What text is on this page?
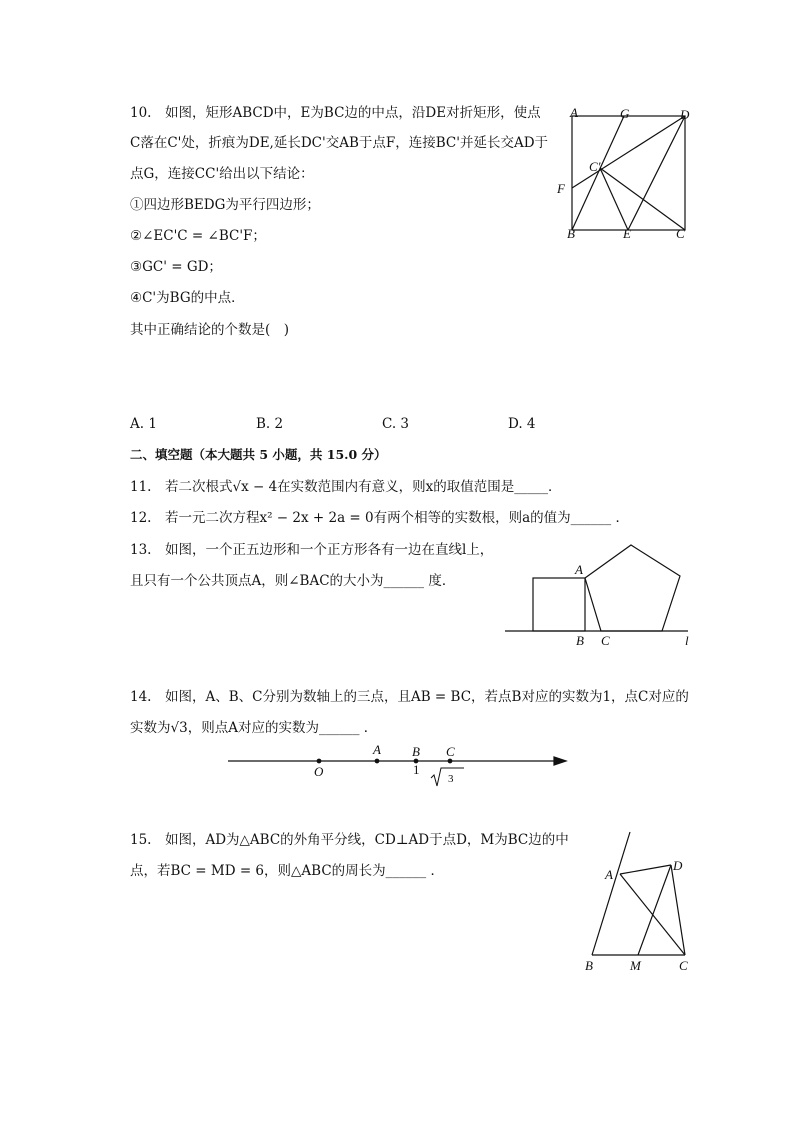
10.　如图，矩形ABCD中，E为BC边的中点，沿DE对折矩形，使点
C落在C'处，折痕为DE,延长DC'交AB于点F，连接BC'并延长交AD于
点G，连接CC'给出以下结论：
①四边形BEDG为平行四边形；
②∠EC'C = ∠BC'F；
③GC' = GD；
④C'为BG的中点．
其中正确结论的个数是(　)
A	G	D
F
C'
B	E	C
A. 1	B. 2	C. 3	D. 4
二、填空题（本大题共 5 小题，共 15.0 分）
11.　若二次根式√x − 4在实数范围内有意义，则x的取值范围是_____．
12.　若一元二次方程x² − 2x + 2a = 0有两个相等的实数根，则a的值为______ ．
13.　如图，一个正五边形和一个正方形各有一边在直线l上，
且只有一个公共顶点A，则∠BAC的大小为______ 度．
A
B C	l
14.　如图，A、B、C分别为数轴上的三点，且AB = BC，若点B对应的实数为1，点C对应的
实数为√3，则点A对应的实数为______ ．
O
A B C
1
3
15.　如图，AD为△ABC的外角平分线，CD⊥AD于点D，M为BC边的中
点，若BC = MD = 6，则△ABC的周长为______ ．	A
D
B	M	C
